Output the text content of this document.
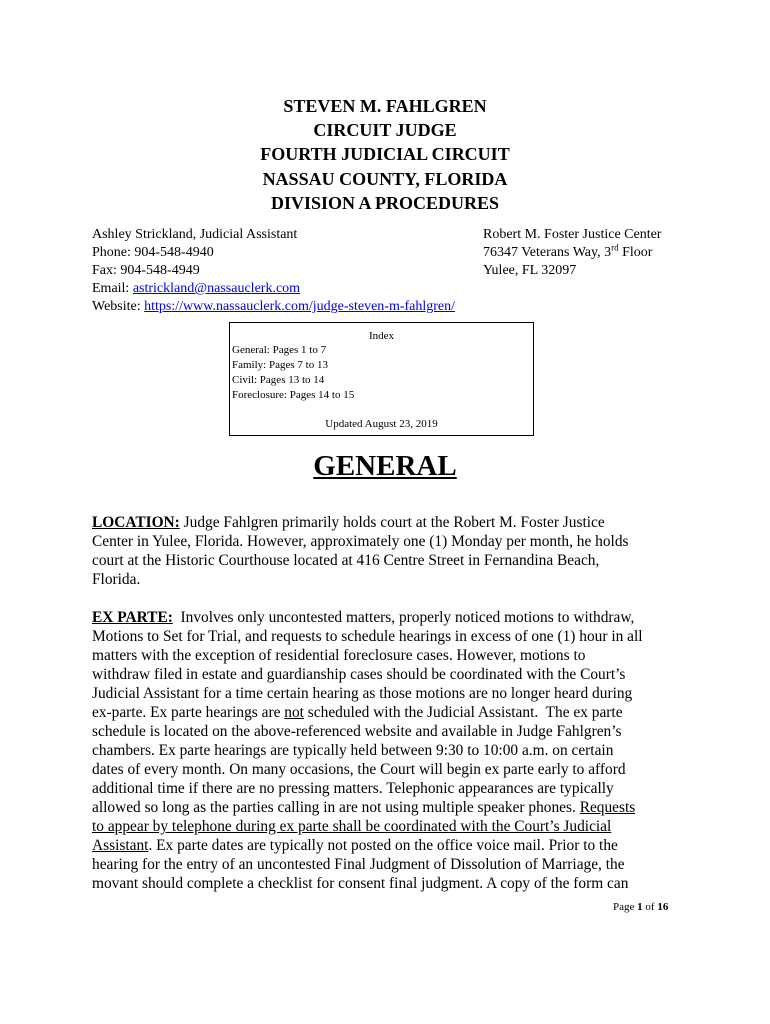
STEVEN M. FAHLGREN
CIRCUIT JUDGE
FOURTH JUDICIAL CIRCUIT
NASSAU COUNTY, FLORIDA
DIVISION A PROCEDURES
Ashley Strickland, Judicial Assistant
Phone: 904-548-4940
Fax: 904-548-4949
Email: astrickland@nassauclerk.com
Website: https://www.nassauclerk.com/judge-steven-m-fahlgren/
Robert M. Foster Justice Center
76347 Veterans Way, 3rd Floor
Yulee, FL 32097
Index
General: Pages 1 to 7
Family: Pages 7 to 13
Civil: Pages 13 to 14
Foreclosure: Pages 14 to 15
Updated August 23, 2019
GENERAL
LOCATION: Judge Fahlgren primarily holds court at the Robert M. Foster Justice
Center in Yulee, Florida. However, approximately one (1) Monday per month, he holds
court at the Historic Courthouse located at 416 Centre Street in Fernandina Beach,
Florida.
EX PARTE:  Involves only uncontested matters, properly noticed motions to withdraw,
Motions to Set for Trial, and requests to schedule hearings in excess of one (1) hour in all
matters with the exception of residential foreclosure cases. However, motions to
withdraw filed in estate and guardianship cases should be coordinated with the Court’s
Judicial Assistant for a time certain hearing as those motions are no longer heard during
ex-parte. Ex parte hearings are not scheduled with the Judicial Assistant.  The ex parte
schedule is located on the above-referenced website and available in Judge Fahlgren’s
chambers. Ex parte hearings are typically held between 9:30 to 10:00 a.m. on certain
dates of every month. On many occasions, the Court will begin ex parte early to afford
additional time if there are no pressing matters. Telephonic appearances are typically
allowed so long as the parties calling in are not using multiple speaker phones. Requests
to appear by telephone during ex parte shall be coordinated with the Court’s Judicial
Assistant. Ex parte dates are typically not posted on the office voice mail. Prior to the
hearing for the entry of an uncontested Final Judgment of Dissolution of Marriage, the
movant should complete a checklist for consent final judgment. A copy of the form can
Page 1 of 16
